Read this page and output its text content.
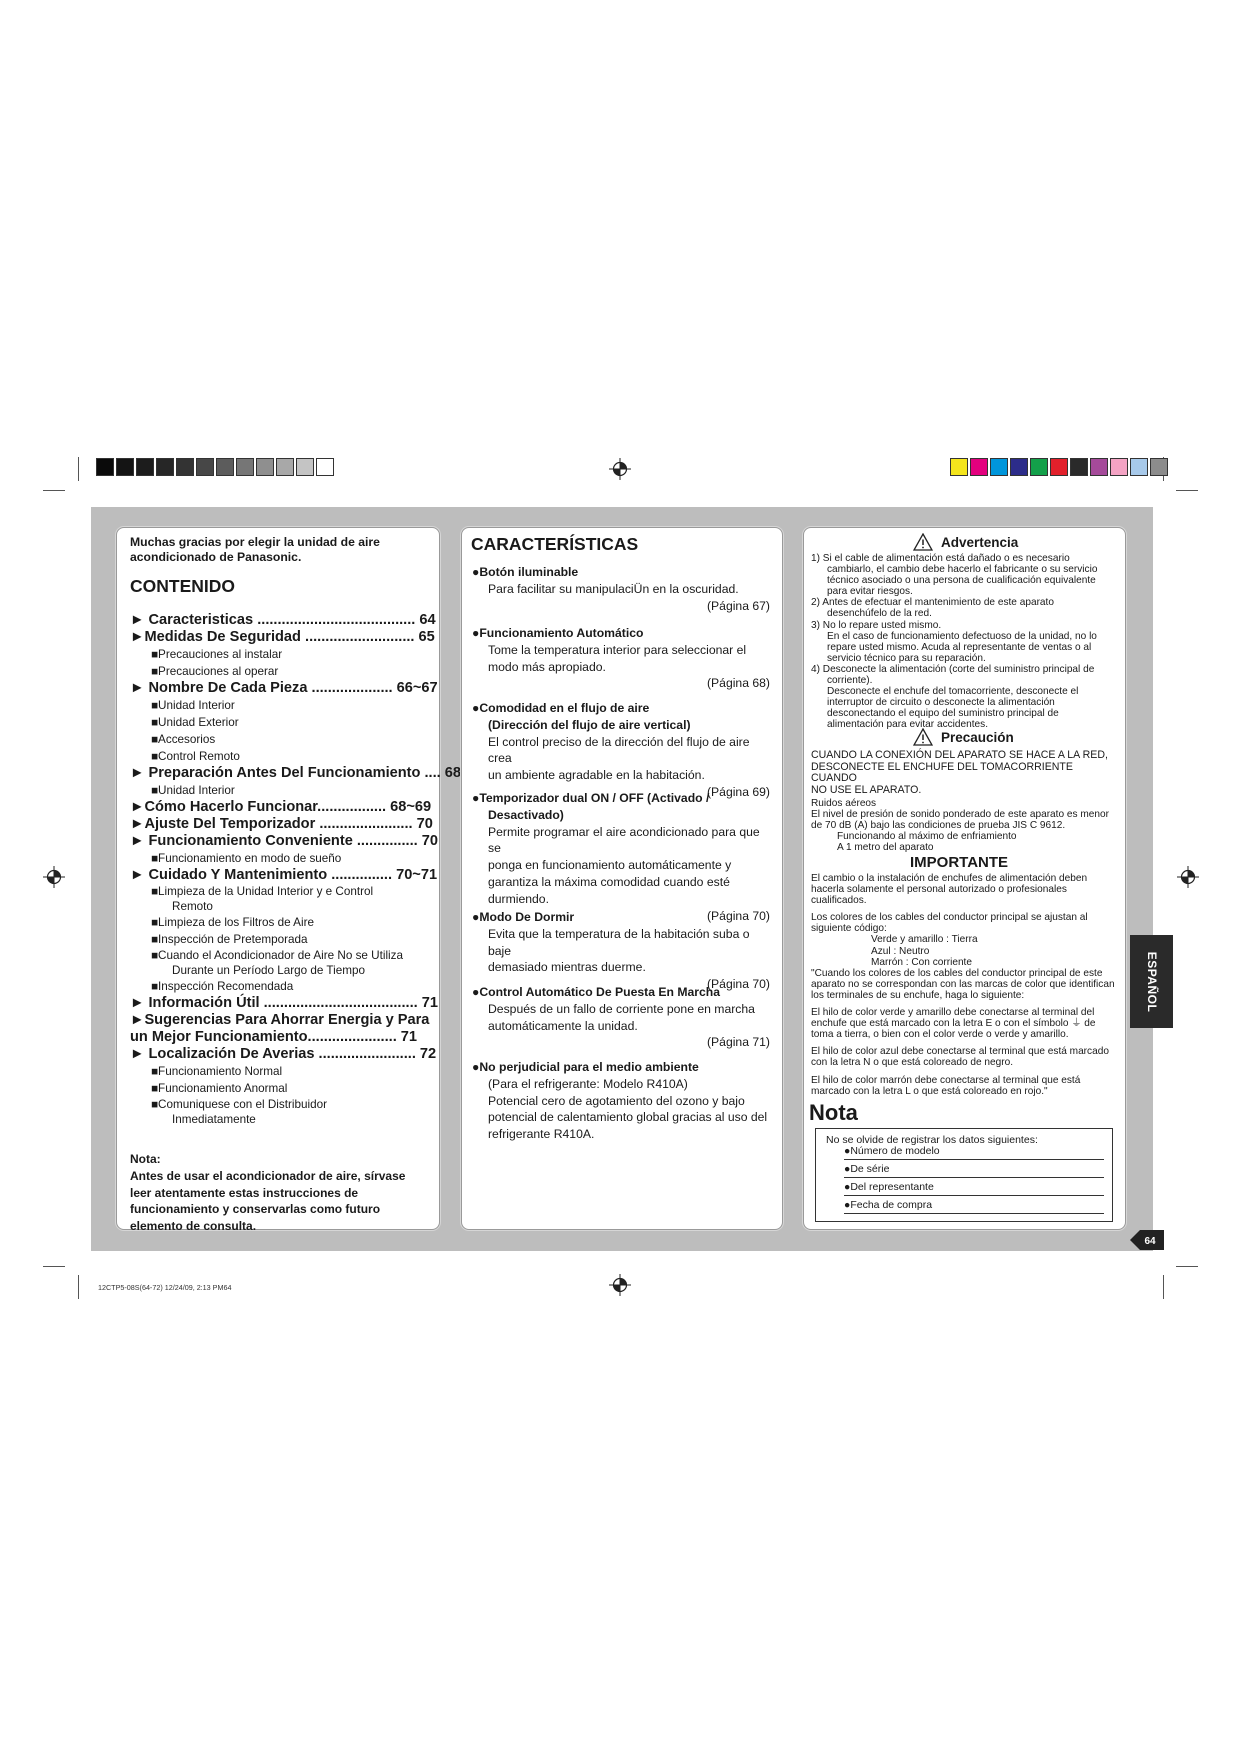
Muchas gracias por elegir la unidad de aire acondicionado de Panasonic.
CONTENIDO
► Caracteristicas ....................................... 64
►Medidas De Seguridad ........................... 65
■Precauciones al instalar
■Precauciones al operar
► Nombre De Cada Pieza .................... 66~67
■Unidad Interior
■Unidad Exterior
■Accesorios
■Control Remoto
► Preparación Antes Del Funcionamiento .... 68
■Unidad Interior
►Cómo Hacerlo Funcionar................. 68~69
►Ajuste Del Temporizador ....................... 70
► Funcionamiento Conveniente ............... 70
■Funcionamiento en modo de sueño
► Cuidado Y Mantenimiento ............... 70~71
■Limpieza de la Unidad Interior y e Control
Remoto
■Limpieza de los Filtros de Aire
■Inspección de Pretemporada
■Cuando el Acondicionador de Aire No se Utiliza
Durante un Período Largo de Tiempo
■Inspección Recomendada
► Información Útil ...................................... 71
►Sugerencias Para Ahorrar Energia y Para
un Mejor Funcionamiento...................... 71
► Localización De Averias ........................ 72
■Funcionamiento Normal
■Funcionamiento Anormal
■Comuniquese con el Distribuidor
Inmediatamente
Nota:
Antes de usar el acondicionador de aire, sírvase leer atentamente estas instrucciones de funcionamiento y conservarlas como futuro elemento de consulta.
CARACTERÍSTICAS
●Botón iluminable
Para facilitar su manipulaciÜn en la oscuridad.
(Página 67)
●Funcionamiento Automático
Tome la temperatura interior para seleccionar el
modo más apropiado.
(Página 68)
●Comodidad en el flujo de aire
(Dirección del flujo de aire vertical)
El control preciso de la dirección del flujo de aire crea
un ambiente agradable en la habitación.
(Página 69)
●Temporizador dual ON / OFF (Activado /
Desactivado)
Permite programar el aire acondicionado para que se
ponga en funcionamiento automáticamente y
garantiza la máxima comodidad cuando esté
durmiendo.
(Página 70)
●Modo De Dormir
Evita que la temperatura de la habitación suba o baje
demasiado mientras duerme.
(Página 70)
●Control Automático De Puesta En Marcha
Después de un fallo de corriente pone en marcha
automáticamente la unidad.
(Página 71)
●No perjudicial para el medio ambiente
(Para el refrigerante: Modelo R410A)
Potencial cero de agotamiento del ozono y bajo
potencial de calentamiento global gracias al uso del
refrigerante R410A.
Advertencia

1) Si el cable de alimentación está dañado o es necesario

cambiarlo, el cambio debe hacerlo el fabricante o su servicio

técnico asociado o una persona de cualificación equivalente

para evitar riesgos.

2) Antes de efectuar el mantenimiento de este aparato

desenchúfelo de la red.

3) No lo repare usted mismo.

En el caso de funcionamiento defectuoso de la unidad, no lo

repare usted mismo. Acuda al representante de ventas o al

servicio técnico para su reparación.

4) Desconecte la alimentación (corte del suministro principal de

corriente).

Desconecte el enchufe del tomacorriente, desconecte el

interruptor de circuito o desconecte la alimentación

desconectando el equipo del suministro principal de

alimentación para evitar accidentes.

Precaución

CUANDO LA CONEXIÓN DEL APARATO SE HACE A LA RED,

DESCONECTE EL ENCHUFE DEL TOMACORRIENTE CUANDO

NO USE EL APARATO.

Ruidos aéreos

El nivel de presión de sonido ponderado de este aparato es menor

de 70 dB (A) bajo las condiciones de prueba JIS C 9612.

Funcionando al máximo de enfriamiento

A 1 metro del aparato

IMPORTANTE

El cambio o la instalación de enchufes de alimentación deben

hacerla solamente el personal autorizado o profesionales

cualificados.

Los colores de los cables del conductor principal se ajustan al

siguiente código:

Verde y amarillo : Tierra

Azul : Neutro

Marrón : Con corriente

"Cuando los colores de los cables del conductor principal de este

aparato no se correspondan con las marcas de color que identifican

los terminales de su enchufe, haga lo siguiente:

El hilo de color verde y amarillo debe conectarse al terminal del

enchufe que está marcado con la letra E o con el símbolo ⏚ de

toma a tierra, o bien con el color verde o verde y amarillo.

El hilo de color azul debe conectarse al terminal que está marcado

con la letra N o que está coloreado de negro.

El hilo de color marrón debe conectarse al terminal que está

marcado con la letra L o que está coloreado en rojo."

Nota
No se olvide de registrar los datos siguientes:
●Número de modelo
●De série
●Del representante
●Fecha de compra
ESPAÑOL
64
12CTP5-08S(64-72) 12/24/09, 2:13 PM64
